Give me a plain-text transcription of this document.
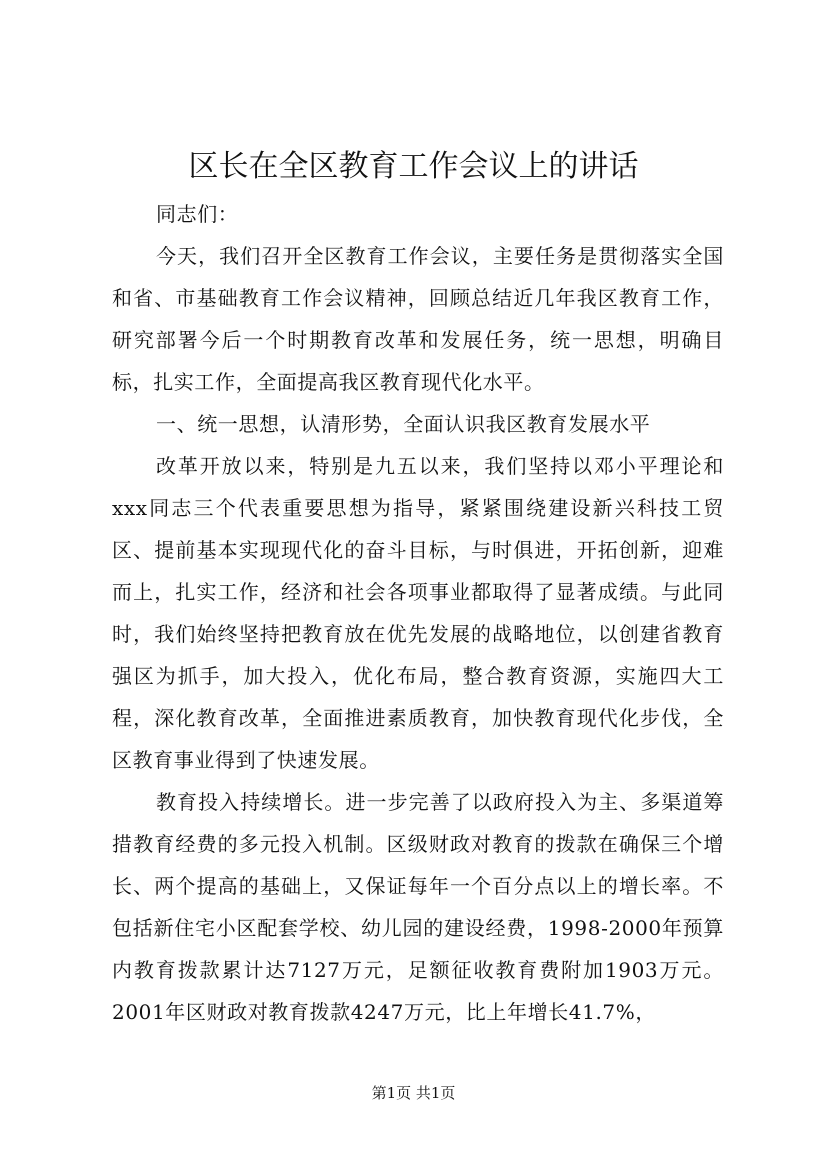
区长在全区教育工作会议上的讲话

同志们：

今天，我们召开全区教育工作会议，主要任务是贯彻落实全国和省、市基础教育工作会议精神，回顾总结近几年我区教育工作，研究部署今后一个时期教育改革和发展任务，统一思想，明确目标，扎实工作，全面提高我区教育现代化水平。

一、统一思想，认清形势，全面认识我区教育发展水平

改革开放以来，特别是九五以来，我们坚持以邓小平理论和xxx同志三个代表重要思想为指导，紧紧围绕建设新兴科技工贸区、提前基本实现现代化的奋斗目标，与时俱进，开拓创新，迎难而上，扎实工作，经济和社会各项事业都取得了显著成绩。与此同时，我们始终坚持把教育放在优先发展的战略地位，以创建省教育强区为抓手，加大投入，优化布局，整合教育资源，实施四大工程，深化教育改革，全面推进素质教育，加快教育现代化步伐，全区教育事业得到了快速发展。

教育投入持续增长。进一步完善了以政府投入为主、多渠道筹措教育经费的多元投入机制。区级财政对教育的拨款在确保三个增长、两个提高的基础上，又保证每年一个百分点以上的增长率。不包括新住宅小区配套学校、幼儿园的建设经费，1998-2000年预算内教育拨款累计达7127万元，足额征收教育费附加1903万元。2001年区财政对教育拨款4247万元，比上年增长41.7%，

第1页 共1页
